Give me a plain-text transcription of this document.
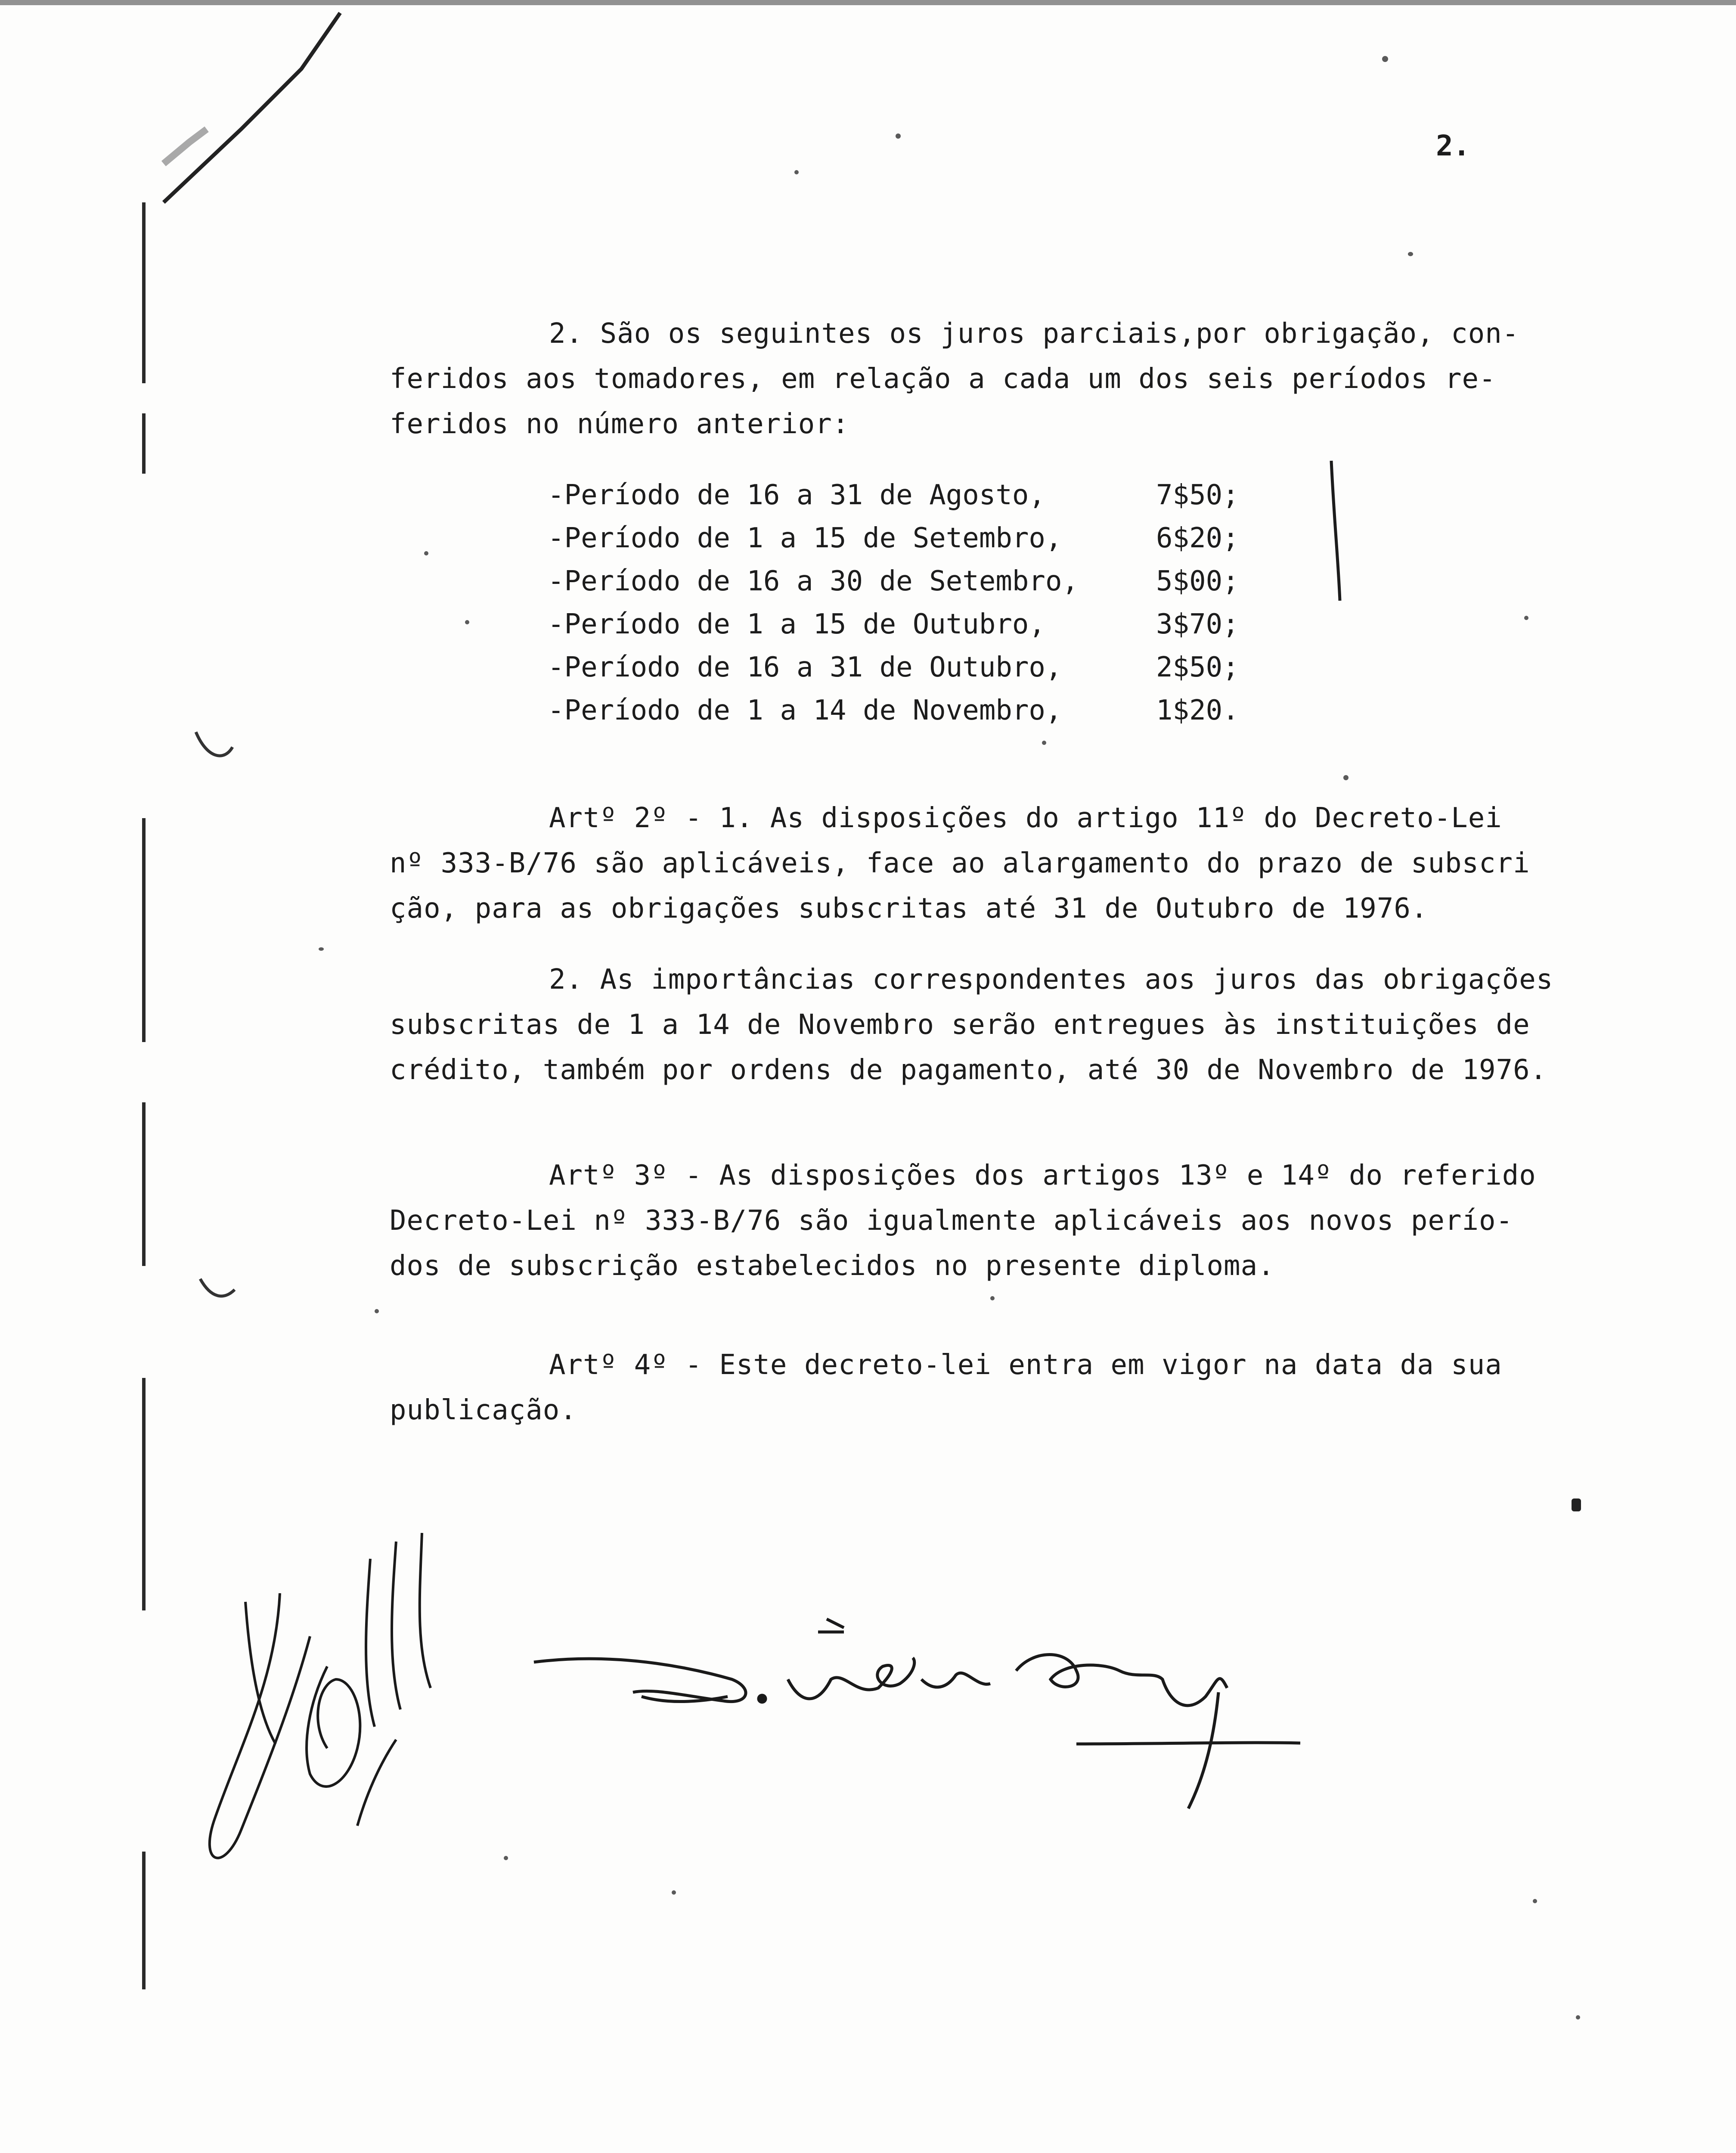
2.
2. São os seguintes os juros parciais,por obrigação, con-
feridos aos tomadores, em relação a cada um dos seis períodos re-
feridos no número anterior:
-Período de 16 a 31 de Agosto,	7$50;
-Período de 1 a 15 de Setembro,	6$20;
-Período de 16 a 30 de Setembro,	5$00;
-Período de 1 a 15 de Outubro,	3$70;
-Período de 16 a 31 de Outubro,	2$50;
-Período de 1 a 14 de Novembro,	1$20.
Artº 2º - 1. As disposições do artigo 11º do Decreto-Lei
nº 333-B/76 são aplicáveis, face ao alargamento do prazo de subscri
ção, para as obrigações subscritas até 31 de Outubro de 1976.
2. As importâncias correspondentes aos juros das obrigações
subscritas de 1 a 14 de Novembro serão entregues às instituições de
crédito, também por ordens de pagamento, até 30 de Novembro de 1976.
Artº 3º - As disposições dos artigos 13º e 14º do referido
Decreto-Lei nº 333-B/76 são igualmente aplicáveis aos novos perío-
dos de subscrição estabelecidos no presente diploma.
Artº 4º - Este decreto-lei entra em vigor na data da sua
publicação.
